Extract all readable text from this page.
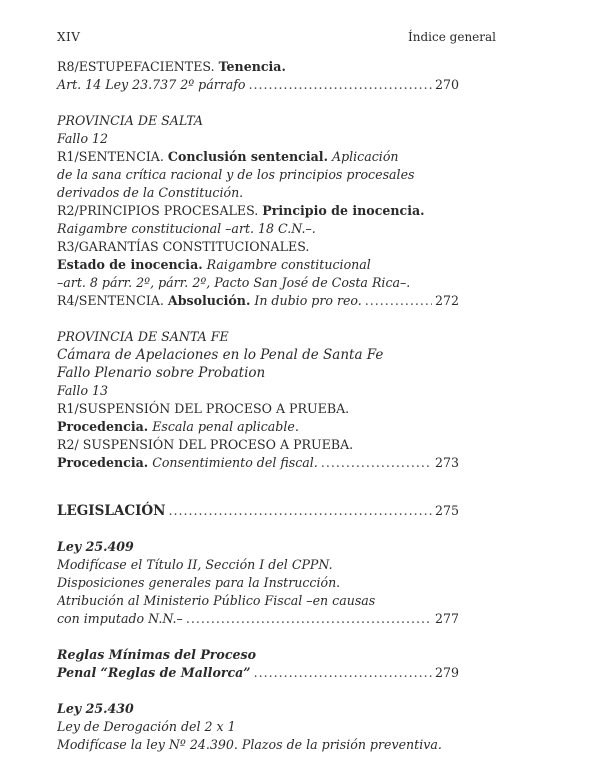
XIV	Índice general
R8/ESTUPEFACIENTES. Tenencia.
Art. 14 Ley 23.737 2º párrafo .....	270
PROVINCIA DE SALTA
Fallo 12
R1/SENTENCIA. Conclusión sentencial. Aplicación
de la sana crítica racional y de los principios procesales
derivados de la Constitución.
R2/PRINCIPIOS PROCESALES. Principio de inocencia.
Raigambre constitucional –art. 18 C.N.–.
R3/GARANTÍAS CONSTITUCIONALES.
Estado de inocencia. Raigambre constitucional
–art. 8 párr. 2º, párr. 2º, Pacto San José de Costa Rica–.
R4/SENTENCIA.
Absolución.
In dubio pro reo. .....	272
PROVINCIA DE SANTA FE
Cámara de Apelaciones en lo Penal de Santa Fe
Fallo Plenario sobre Probation
Fallo 13
R1/SUSPENSIÓN DEL PROCESO A PRUEBA.
Procedencia. Escala penal aplicable.
R2/ SUSPENSIÓN DEL PROCESO A PRUEBA.
Procedencia.
Consentimiento del fiscal. .....	273
LEGISLACIÓN .....	275
Ley 25.409
Modifícase el Título II, Sección I del CPPN.
Disposiciones generales para la Instrucción.
Atribución al Ministerio Público Fiscal –en causas
con imputado N.N.– .....	277
Reglas Mínimas del Proceso
Penal “Reglas de Mallorca” .....	279
Ley 25.430
Ley de Derogación del 2 x 1
Modifícase la ley Nº 24.390. Plazos de la prisión preventiva.
